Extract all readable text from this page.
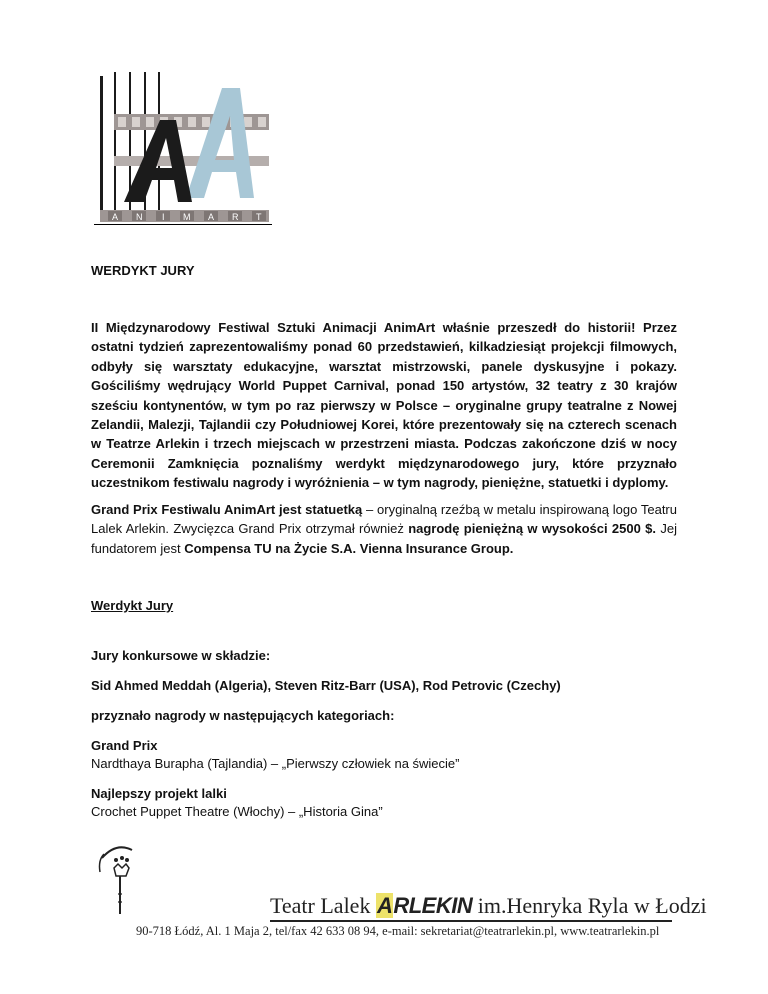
A N I M A R T
WERDYKT JURY
II Międzynarodowy Festiwal Sztuki Animacji AnimArt właśnie przeszedł do historii! Przez ostatni tydzień zaprezentowaliśmy ponad 60 przedstawień, kilkadziesiąt projekcji filmowych, odbyły się warsztaty edukacyjne, warsztat mistrzowski, panele dyskusyjne i pokazy. Gościliśmy wędrujący World Puppet Carnival, ponad 150 artystów, 32 teatry z 30 krajów sześciu kontynentów, w tym po raz pierwszy w Polsce – oryginalne grupy teatralne z Nowej Zelandii, Malezji, Tajlandii czy Południowej Korei, które prezentowały się na czterech scenach w Teatrze Arlekin i trzech miejscach w przestrzeni miasta. Podczas zakończone dziś w nocy Ceremonii Zamknięcia poznaliśmy werdykt międzynarodowego jury, które przyznało uczestnikom festiwalu nagrody i wyróżnienia – w tym nagrody, pieniężne, statuetki i dyplomy.
Grand Prix Festiwalu AnimArt jest statuetką – oryginalną rzeźbą w metalu inspirowaną logo Teatru Lalek Arlekin. Zwycięzca Grand Prix otrzymał również nagrodę pieniężną w wysokości 2500 $. Jej fundatorem jest Compensa TU na Życie S.A. Vienna Insurance Group.
Werdykt Jury
Jury konkursowe w składzie:
Sid Ahmed Meddah (Algeria), Steven Ritz-Barr (USA), Rod Petrovic (Czechy)
przyznało nagrody w następujących kategoriach:
Grand Prix
Nardthaya Burapha (Tajlandia) – „Pierwszy człowiek na świecie”
Najlepszy projekt lalki
Crochet Puppet Theatre (Włochy) – „Historia Gina”
Teatr Lalek ARLEKIN im.Henryka Ryla w Łodzi
90-718 Łódź, Al. 1 Maja 2, tel/fax 42 633 08 94, e-mail: sekretariat@teatrarlekin.pl, www.teatrarlekin.pl
